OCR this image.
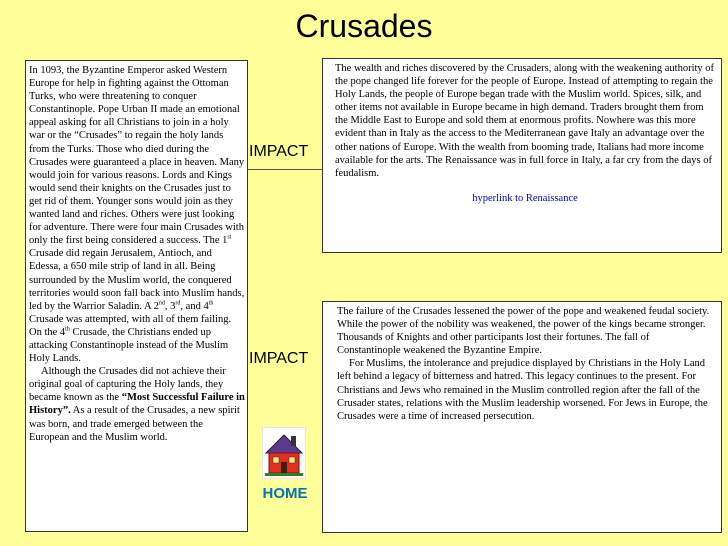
Crusades

In 1093, the Byzantine Emperor asked Western Europe for help in fighting against the Ottoman Turks, who were threatening to conquer Constantinople. Pope Urban II made an emotional appeal asking for all Christians to join in a holy war or the “Crusades” to regain the holy lands from the Turks. Those who died during the Crusades were guaranteed a place in heaven. Many would join for various reasons. Lords and Kings would send their knights on the Crusades just to get rid of them. Younger sons would join as they wanted land and riches. Others were just looking for adventure. There were four main Crusades with only the first being considered a success. The 1st Crusade did regain Jerusalem, Antioch, and Edessa, a 650 mile strip of land in all. Being surrounded by the Muslim world, the conquered territories would soon fall back into Muslim hands, led by the Warrior Saladin. A 2nd, 3rd, and 4th Crusade was attempted, with all of them failing. On the 4th Crusade, the Christians ended up attacking Constantinople instead of the Muslim Holy Lands.

Although the Crusades did not achieve their original goal of capturing the Holy lands, they became known as the “Most Successful Failure in History”. As a result of the Crusades, a new spirit was born, and trade emerged between the European and the Muslim world.

IMPACT
IMPACT

The wealth and riches discovered by the Crusaders, along with the weakening authority of the pope changed life forever for the people of Europe. Instead of attempting to regain the Holy Lands, the people of Europe began trade with the Muslim world. Spices, silk, and other items not available in Europe became in high demand. Traders brought them from the Middle East to Europe and sold them at enormous profits. Nowhere was this more evident than in Italy as the access to the Mediterranean gave Italy an advantage over the other nations of Europe. With the wealth from booming trade, Italians had more income available for the arts. The Renaissance was in full force in Italy, a far cry from the days of feudalism.

hyperlink to Renaissance

The failure of the Crusades lessened the power of the pope and weakened feudal society. While the power of the nobility was weakened, the power of the kings became stronger. Thousands of Knights and other participants lost their fortunes. The fall of Constantinople weakened the Byzantine Empire.

For Muslims, the intolerance and prejudice displayed by Christians in the Holy Land left behind a legacy of bitterness and hatred. This legacy continues to the present. For Christians and Jews who remained in the Muslim controlled region after the fall of the Crusader states, relations with the Muslim leadership worsened. For Jews in Europe, the Crusades were a time of increased persecution.

HOME
